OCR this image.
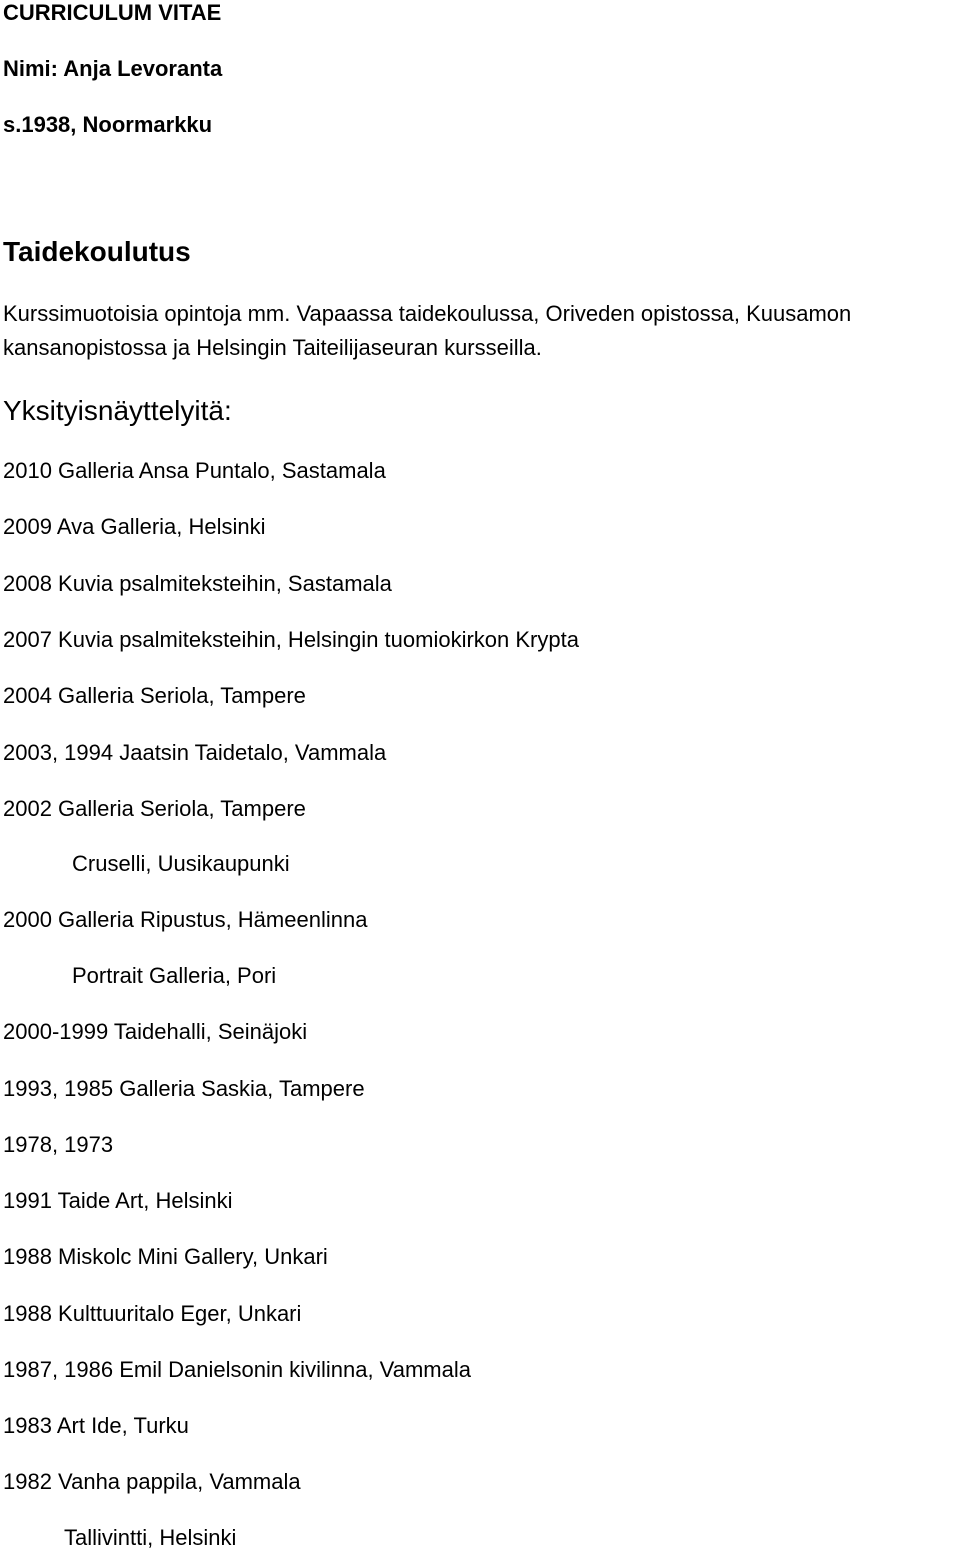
CURRICULUM VITAE
Nimi: Anja Levoranta
s.1938, Noormarkku
Taidekoulutus
Kurssimuotoisia opintoja mm. Vapaassa taidekoulussa, Oriveden opistossa, Kuusamon
kansanopistossa ja Helsingin Taiteilijaseuran kursseilla.
Yksityisnäyttelyitä:
2010 Galleria Ansa Puntalo, Sastamala
2009 Ava Galleria, Helsinki
2008 Kuvia psalmiteksteihin, Sastamala
2007 Kuvia psalmiteksteihin, Helsingin tuomiokirkon Krypta
2004 Galleria Seriola, Tampere
2003, 1994 Jaatsin Taidetalo, Vammala
2002 Galleria Seriola, Tampere
Cruselli, Uusikaupunki
2000 Galleria Ripustus, Hämeenlinna
Portrait Galleria, Pori
2000-1999 Taidehalli, Seinäjoki
1993, 1985 Galleria Saskia, Tampere
1978, 1973
1991 Taide Art, Helsinki
1988 Miskolc Mini Gallery, Unkari
1988 Kulttuuritalo Eger, Unkari
1987, 1986 Emil Danielsonin kivilinna, Vammala
1983 Art Ide, Turku
1982 Vanha pappila, Vammala
Tallivintti, Helsinki
